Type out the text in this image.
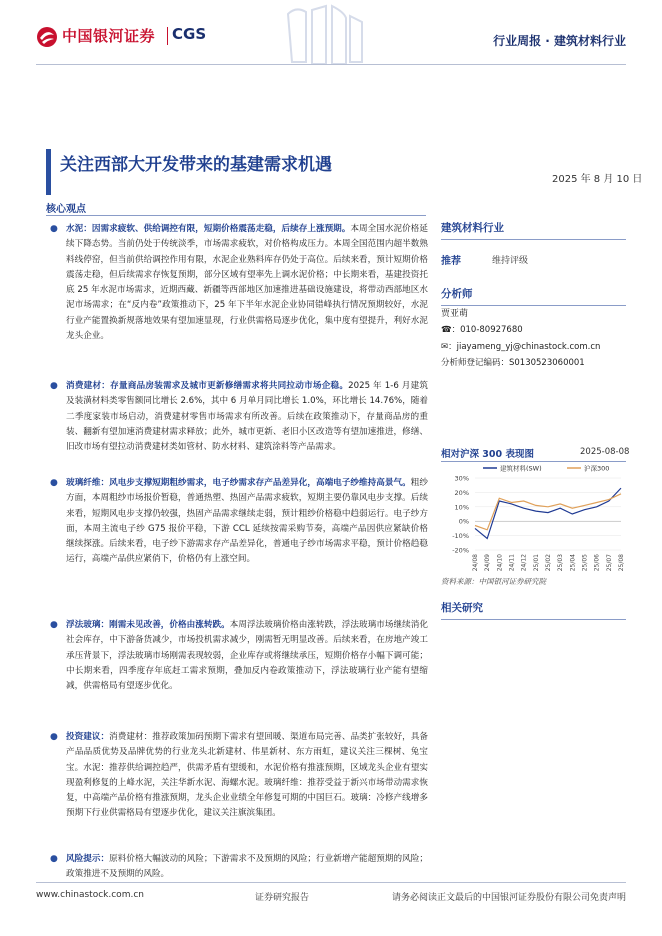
中国银河证券 CGS	行业周报 · 建筑材料行业
关注西部大开发带来的基建需求机遇
2025 年 8 月 10 日
核心观点
● 水泥：因需求疲软、供给调控有限，短期价格震荡走稳，后续存上涨预期。本周全国水泥价格延续下降态势。当前仍处于传统淡季，市场需求疲软，对价格构成压力。本周全国范围内超半数熟料线停窑，但当前供给调控作用有限，水泥企业熟料库存仍处于高位。后续来看，预计短期价格震荡走稳，但后续需求存恢复预期，部分区域有望率先上调水泥价格；中长期来看，基建投资托底 25 年水泥市场需求，近期西藏、新疆等西部地区加速推进基础设施建设，将带动西部地区水泥市场需求；在“反内卷”政策推动下，25 年下半年水泥企业协同错峰执行情况预期较好，水泥行业产能置换新规落地效果有望加速显现，行业供需格局逐步优化，集中度有望提升，利好水泥龙头企业。
● 消费建材：存量商品房装需求及城市更新修缮需求将共同拉动市场企稳。2025 年 1-6 月建筑及装潢材料类零售额同比增长 2.6%，其中 6 月单月同比增长 1.0%，环比增长 14.76%，随着二季度家装市场启动，消费建材零售市场需求有所改善。后续在政策推动下，存量商品房的重装、翻新有望加速消费建材需求释放；此外，城市更新、老旧小区改造等有望加速推进，修缮、旧改市场有望拉动消费建材类如管材、防水材料、建筑涂料等产品需求。
● 玻璃纤维：风电步支撑短期粗纱需求，电子纱需求存产品差异化，高端电子纱维持高景气。粗纱方面，本周粗纱市场报价暂稳，普通热塑、热固产品需求疲软，短期主要仍靠风电步支撑。后续来看，短期风电步支撑仍较强，热固产品需求继续走弱，预计粗纱价格稳中趋弱运行。电子纱方面，本周主流电子纱 G75 报价平稳，下游 CCL 延续按需采购节奏，高端产品因供应紧缺价格继续探涨。后续来看，电子纱下游需求存产品差异化，普通电子纱市场需求平稳，预计价格趋稳运行，高端产品供应紧俏下，价格仍有上涨空间。
● 浮法玻璃：刚需未见改善，价格由涨转跌。本周浮法玻璃价格由涨转跌，浮法玻璃市场继续消化社会库存，中下游备货减少，市场投机需求减少，刚需暂无明显改善。后续来看，在房地产竣工承压背景下，浮法玻璃市场刚需表现较弱，企业库存或将继续承压，短期价格存小幅下调可能；中长期来看，四季度存年底赶工需求预期，叠加反内卷政策推动下，浮法玻璃行业产能有望缩减，供需格局有望逐步优化。
● 投资建议：消费建材：推荐政策加码预期下需求有望回暖、渠道布局完善、品类扩张较好，具备产品品质优势及品牌优势的行业龙头北新建材、伟星新材、东方雨虹，建议关注三棵树、兔宝宝。水泥：推荐供给调控趋严，供需矛盾有望缓和，水泥价格有推涨预期，区域龙头企业有望实现盈利修复的上峰水泥，关注华新水泥、海螺水泥。玻璃纤维：推荐受益于新兴市场带动需求恢复，中高端产品价格有推涨预期，龙头企业业绩全年修复可期的中国巨石。玻璃：冷修产线增多预期下行业供需格局有望逐步优化，建议关注旗滨集团。
● 风险提示：原料价格大幅波动的风险；下游需求不及预期的风险；行业新增产能超预期的风险；政策推进不及预期的风险。
建筑材料行业
推荐	维持评级
分析师
贾亚萌
☎：010-80927680
✉：jiayameng_yj@chinastock.com.cn
分析师登记编码：S0130523060001
相对沪深 300 表现图	2025-08-08
30%
20%
10%
0%
-10%
-20%
24/08 24/09 24/10 24/11 24/12 25/01 25/02 25/03 25/04 25/05 25/06 25/07 25/08
建筑材料(SW)	沪深300
资料来源：中国银河证券研究院
相关研究
www.chinastock.com.cn	证券研究报告	请务必阅读正文最后的中国银河证券股份有限公司免责声明
